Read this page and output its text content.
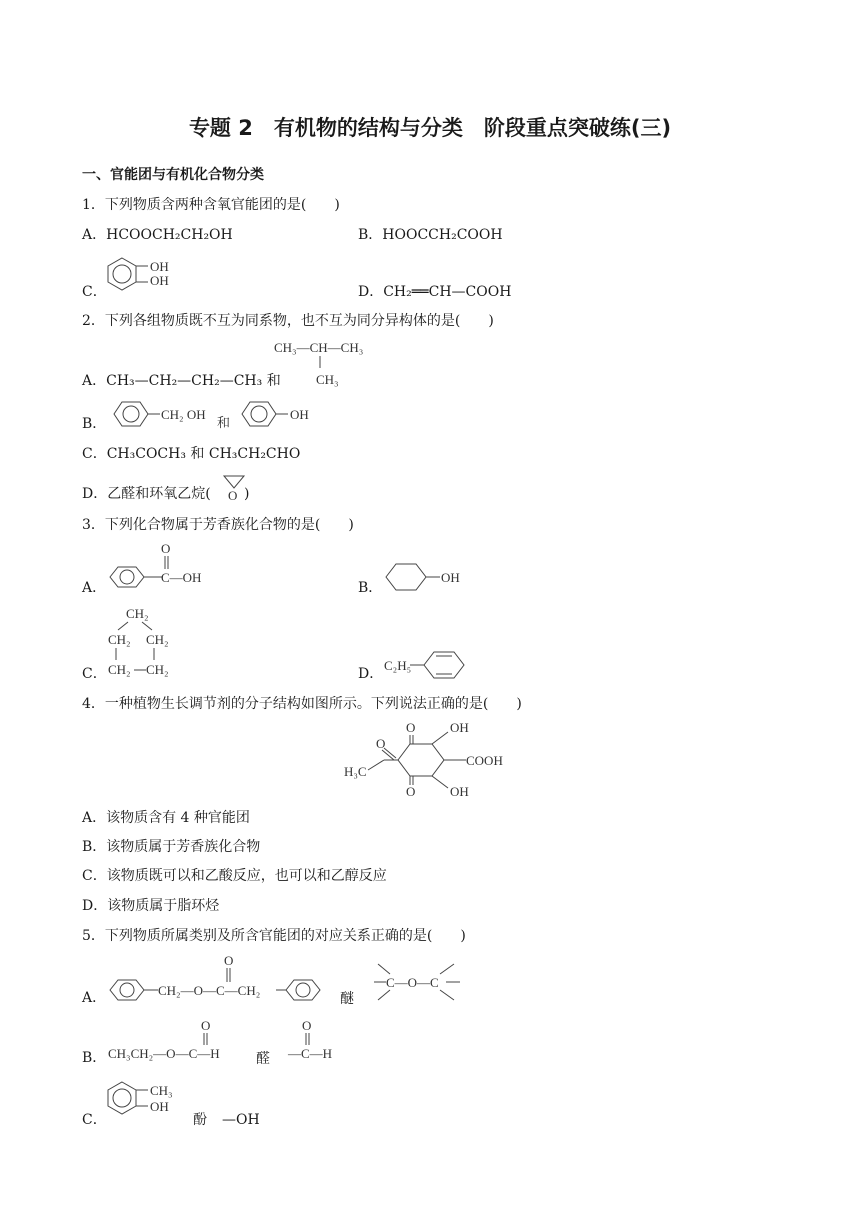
专题 2　有机物的结构与分类　阶段重点突破练(三)
一、官能团与有机化合物分类
1．下列物质含两种含氧官能团的是(　　)
A．HCOOCH₂CH₂OH	B．HOOCCH₂COOH
C．
OH
OH
D．CH₂══CH—COOH
2．下列各组物质既不互为同系物，也不互为同分异构体的是(　　)
A．CH₃—CH₂—CH₂—CH₃ 和
CH₃—CH—CH₃
CH₃
B．
CH₂ OH
和
OH
C．CH₃COCH₃ 和 CH₃CH₂CHO
D．乙醛和环氧乙烷( O )
3．下列化合物属于芳香族化合物的是(　　)
A．
O
C—OH
B．
OH
C．
CH₂
CH₂ CH₂
CH₂ CH₂	D．
C₂H₅
4．一种植物生长调节剂的分子结构如图所示。下列说法正确的是(　　)
O
H₃C
O
O
OH
COOH
OH
A．该物质含有 4 种官能团
B．该物质属于芳香族化合物
C．该物质既可以和乙酸反应，也可以和乙醇反应
D．该物质属于脂环烃
5．下列物质所属类别及所含官能团的对应关系正确的是(　　)
A．	CH₂—O—C—CH₂
O
醚
C—O—C
B． CH₃CH₂—O—C—H
O
醛
O
—C—H
C．
CH₃
OH
酚 —OH
